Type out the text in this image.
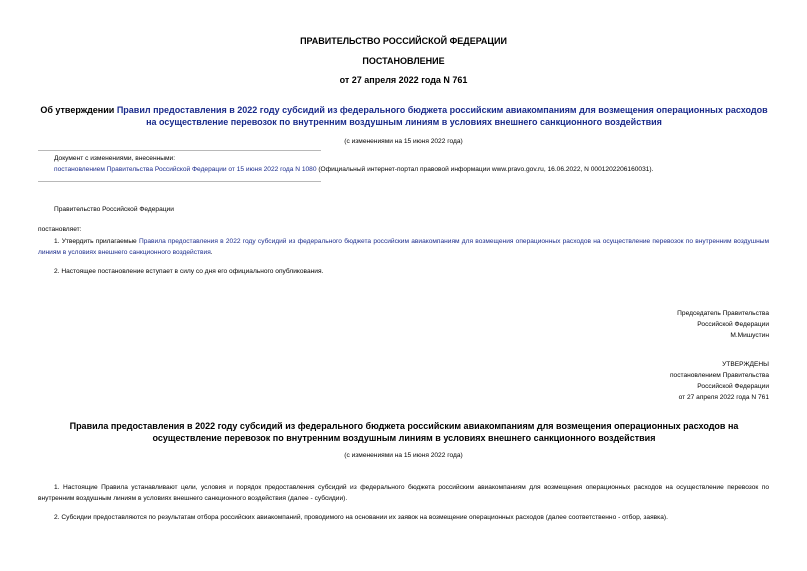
ПРАВИТЕЛЬСТВО РОССИЙСКОЙ ФЕДЕРАЦИИ
ПОСТАНОВЛЕНИЕ
от 27 апреля 2022 года N 761
Об утверждении Правил предоставления в 2022 году субсидий из федерального бюджета российским авиакомпаниям для возмещения операционных расходов на осуществление перевозок по внутренним воздушным линиям в условиях внешнего санкционного воздействия
(с изменениями на 15 июня 2022 года)
Документ с изменениями, внесенными:
постановлением Правительства Российской Федерации от 15 июня 2022 года N 1080 (Официальный интернет-портал правовой информации www.pravo.gov.ru, 16.06.2022, N 0001202206160031).
Правительство Российской Федерации
постановляет:
1. Утвердить прилагаемые Правила предоставления в 2022 году субсидий из федерального бюджета российским авиакомпаниям для возмещения операционных расходов на осуществление перевозок по внутренним воздушным линиям в условиях внешнего санкционного воздействия.
2. Настоящее постановление вступает в силу со дня его официального опубликования.
Председатель Правительства
Российской Федерации
М.Мишустин
УТВЕРЖДЕНЫ
постановлением Правительства
Российской Федерации
от 27 апреля 2022 года N 761
Правила предоставления в 2022 году субсидий из федерального бюджета российским авиакомпаниям для возмещения операционных расходов на осуществление перевозок по внутренним воздушным линиям в условиях внешнего санкционного воздействия
(с изменениями на 15 июня 2022 года)
1. Настоящие Правила устанавливают цели, условия и порядок предоставления субсидий из федерального бюджета российским авиакомпаниям для возмещения операционных расходов на осуществление перевозок по внутренним воздушным линиям в условиях внешнего санкционного воздействия (далее - субсидии).
2. Субсидии предоставляются по результатам отбора российских авиакомпаний, проводимого на основании их заявок на возмещение операционных расходов (далее соответственно - отбор, заявка).
